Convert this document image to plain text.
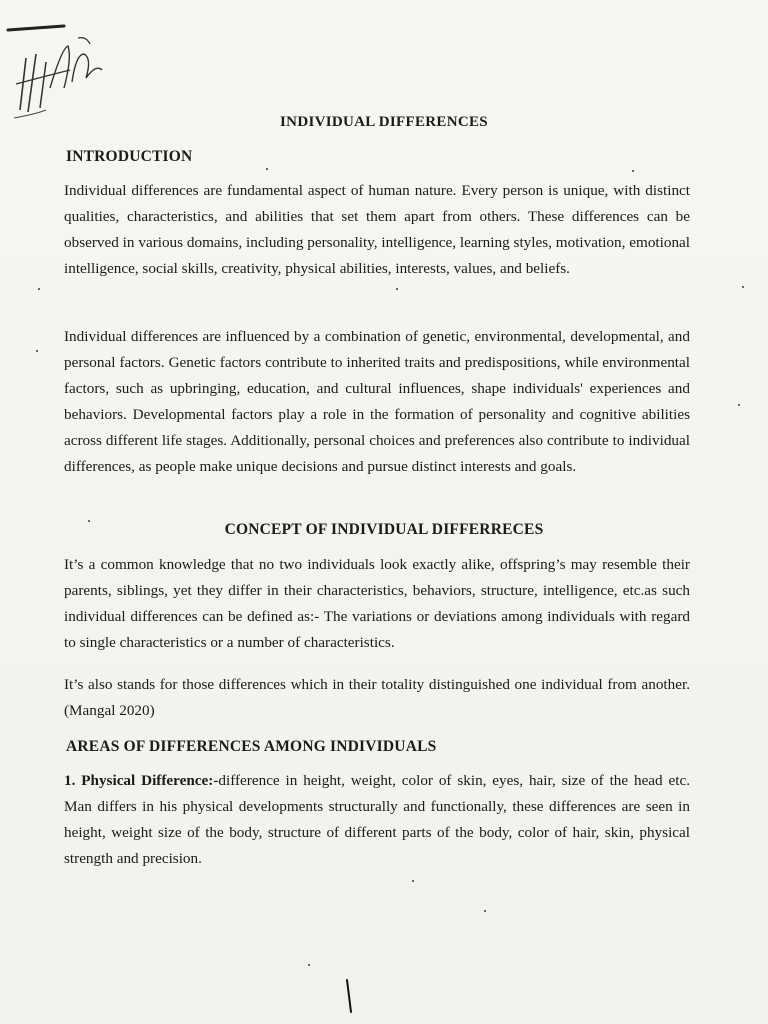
INDIVIDUAL DIFFERENCES
INTRODUCTION
Individual differences are fundamental aspect of human nature. Every person is unique, with distinct qualities, characteristics, and abilities that set them apart from others. These differences can be observed in various domains, including personality, intelligence, learning styles, motivation, emotional intelligence, social skills, creativity, physical abilities, interests, values, and beliefs.
Individual differences are influenced by a combination of genetic, environmental, developmental, and personal factors. Genetic factors contribute to inherited traits and predispositions, while environmental factors, such as upbringing, education, and cultural influences, shape individuals' experiences and behaviors. Developmental factors play a role in the formation of personality and cognitive abilities across different life stages. Additionally, personal choices and preferences also contribute to individual differences, as people make unique decisions and pursue distinct interests and goals.
CONCEPT OF INDIVIDUAL DIFFERRECES
It’s a common knowledge that no two individuals look exactly alike, offspring’s may resemble their parents, siblings, yet they differ in their characteristics, behaviors, structure, intelligence, etc.as such individual differences can be defined as:- The variations or deviations among individuals with regard to single characteristics or a number of characteristics.
It’s also stands for those differences which in their totality distinguished one individual from another. (Mangal 2020)
AREAS OF DIFFERENCES AMONG INDIVIDUALS
1. Physical Difference:-difference in height, weight, color of skin, eyes, hair, size of the head etc. Man differs in his physical developments structurally and functionally, these differences are seen in height, weight size of the body, structure of different parts of the body, color of hair, skin, physical strength and precision.
